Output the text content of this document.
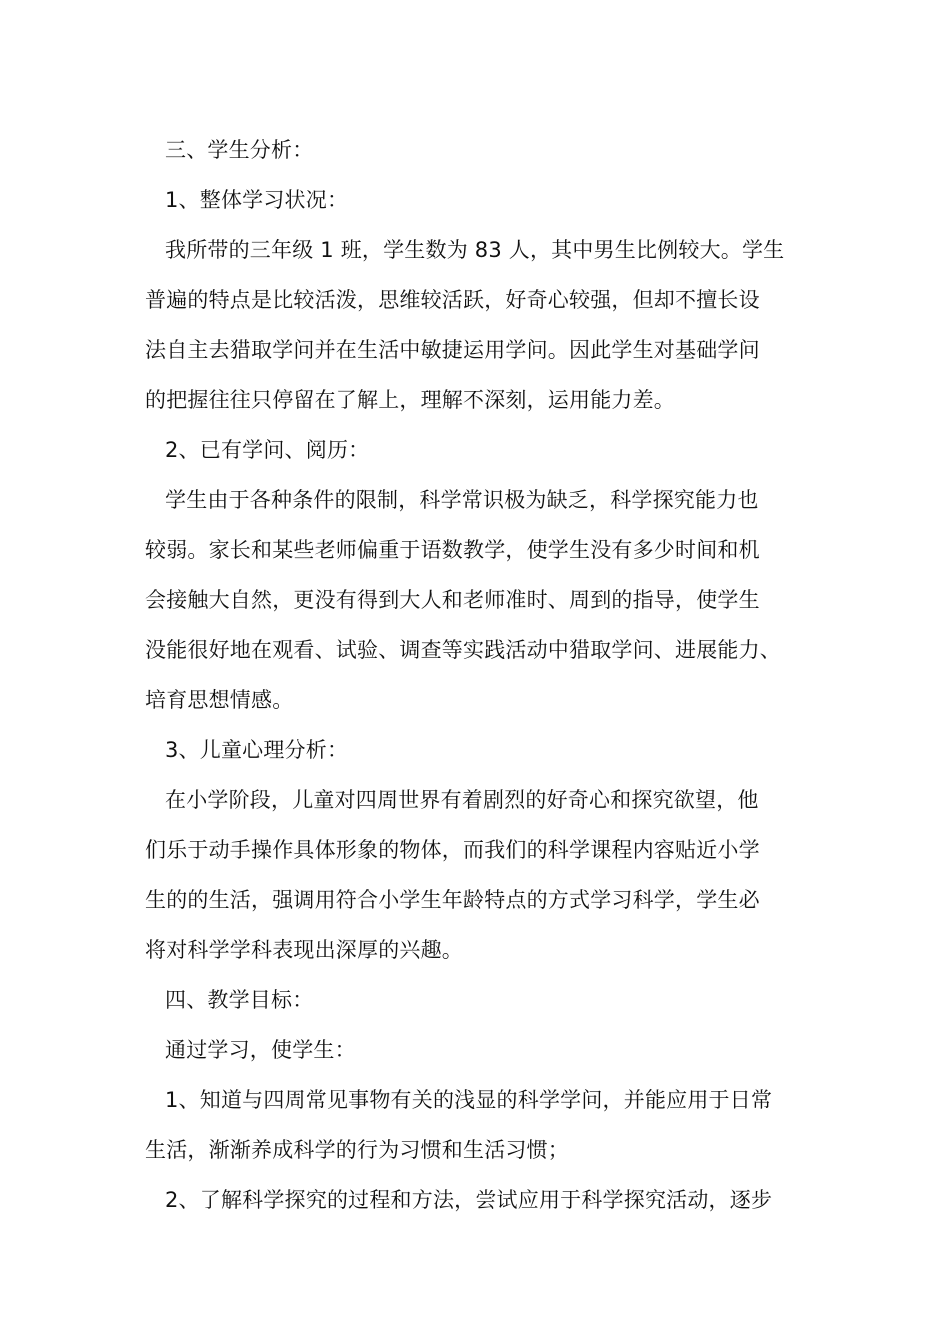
三、学生分析：
1、整体学习状况：
我所带的三年级 1 班，学生数为 83 人，其中男生比例较大。学生
普遍的特点是比较活泼，思维较活跃，好奇心较强，但却不擅长设
法自主去猎取学问并在生活中敏捷运用学问。因此学生对基础学问
的把握往往只停留在了解上，理解不深刻，运用能力差。
2、已有学问、阅历：
学生由于各种条件的限制，科学常识极为缺乏，科学探究能力也
较弱。家长和某些老师偏重于语数教学，使学生没有多少时间和机
会接触大自然，更没有得到大人和老师准时、周到的指导，使学生
没能很好地在观看、试验、调查等实践活动中猎取学问、进展能力、
培育思想情感。
3、儿童心理分析：
在小学阶段，儿童对四周世界有着剧烈的好奇心和探究欲望，他
们乐于动手操作具体形象的物体，而我们的科学课程内容贴近小学
生的的生活，强调用符合小学生年龄特点的方式学习科学，学生必
将对科学学科表现出深厚的兴趣。
四、教学目标：
通过学习，使学生：
1、知道与四周常见事物有关的浅显的科学学问，并能应用于日常
生活，渐渐养成科学的行为习惯和生活习惯；
2、了解科学探究的过程和方法，尝试应用于科学探究活动，逐步
